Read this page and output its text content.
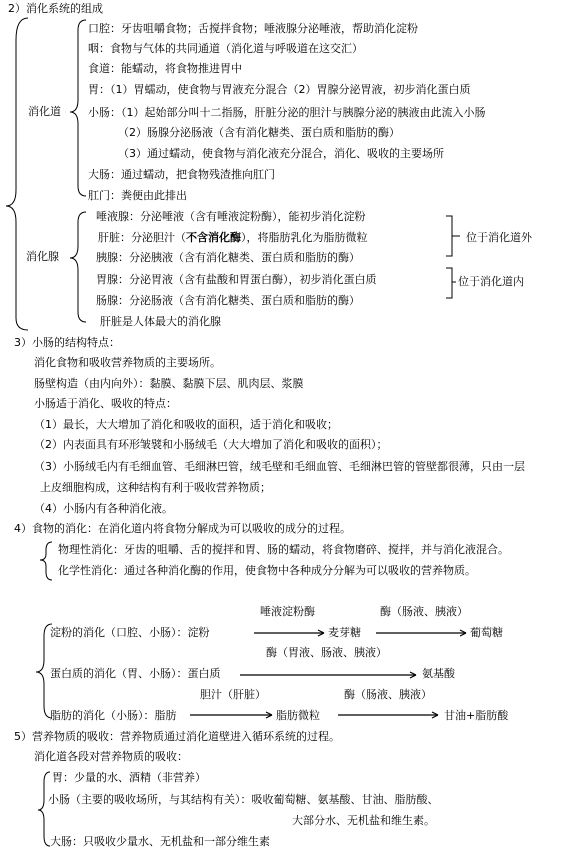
2）消化系统的组成
口腔：牙齿咀嚼食物；舌搅拌食物；唾液腺分泌唾液，帮助消化淀粉
咽：食物与气体的共同通道（消化道与呼吸道在这交汇）
食道：能蠕动，将食物推进胃中
胃：（1）胃蠕动，使食物与胃液充分混合（2）胃腺分泌胃液，初步消化蛋白质
消化道 小肠：（1）起始部分叫十二指肠，肝脏分泌的胆汁与胰腺分泌的胰液由此流入小肠
（2）肠腺分泌肠液（含有消化糖类、蛋白质和脂肪的酶）
（3）通过蠕动，使食物与消化液充分混合，消化、吸收的主要场所
大肠：通过蠕动，把食物残渣推向肛门
肛门：粪便由此排出
唾液腺：分泌唾液（含有唾液淀粉酶），能初步消化淀粉
肝脏：分泌胆汁（不含消化酶），将脂肪乳化为脂肪微粒	位于消化道外
消化腺	胰腺：分泌胰液（含有消化糖类、蛋白质和脂肪的酶）
胃腺：分泌胃液（含有盐酸和胃蛋白酶），初步消化蛋白质	位于消化道内
肠腺：分泌肠液（含有消化糖类、蛋白质和脂肪的酶）
肝脏是人体最大的消化腺
3）小肠的结构特点：
消化食物和吸收营养物质的主要场所。
肠壁构造（由内向外）：黏膜、黏膜下层、肌肉层、浆膜
小肠适于消化、吸收的特点：
（1）最长，大大增加了消化和吸收的面积，适于消化和吸收；
（2）内表面具有环形皱襞和小肠绒毛（大大增加了消化和吸收的面积）；
（3）小肠绒毛内有毛细血管、毛细淋巴管，绒毛壁和毛细血管、毛细淋巴管的管壁都很薄，只由一层
上皮细胞构成，这种结构有利于吸收营养物质；
（4）小肠内有各种消化液。
4）食物的消化：在消化道内将食物分解成为可以吸收的成分的过程。
物理性消化：牙齿的咀嚼、舌的搅拌和胃、肠的蠕动，将食物磨碎、搅拌，并与消化液混合。
化学性消化：通过各种消化酶的作用，使食物中各种成分分解为可以吸收的营养物质。
唾液淀粉酶	酶（肠液、胰液）
淀粉的消化（口腔、小肠）：淀粉	麦芽糖	葡萄糖
酶（胃液、肠液、胰液）
蛋白质的消化（胃、小肠）：蛋白质	氨基酸
胆汁（肝脏）	酶（肠液、胰液）
脂肪的消化（小肠）：脂肪	脂肪微粒	甘油+脂肪酸
5）营养物质的吸收：营养物质通过消化道壁进入循环系统的过程。
消化道各段对营养物质的吸收：
胃：少量的水、酒精（非营养）
小肠（主要的吸收场所，与其结构有关）：吸收葡萄糖、氨基酸、甘油、脂肪酸、
大部分水、无机盐和维生素。
大肠：只吸收少量水、无机盐和一部分维生素
